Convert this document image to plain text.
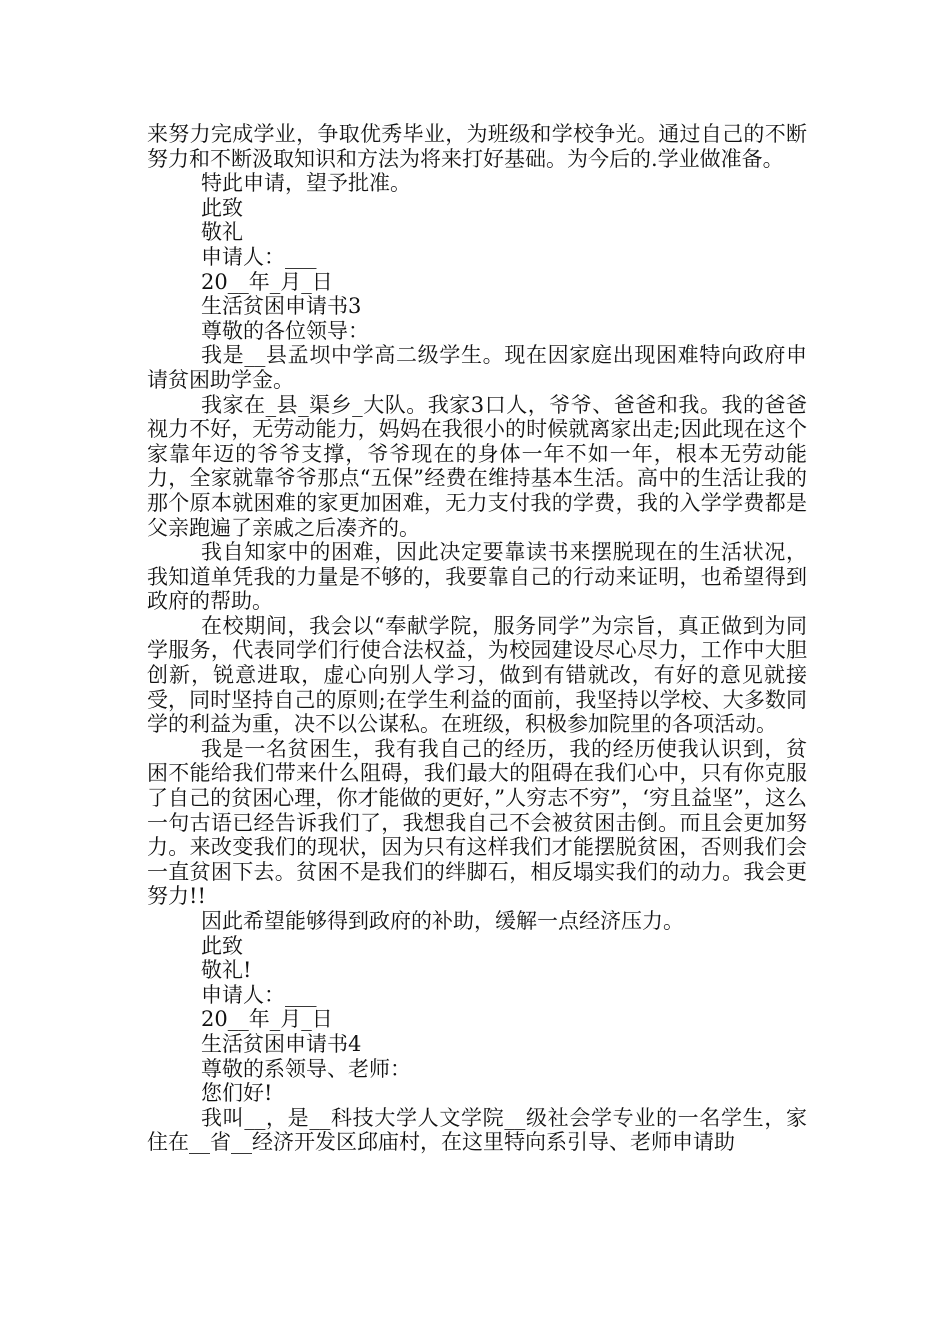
来努力完成学业，争取优秀毕业，为班级和学校争光。通过自己的不断努力和不断汲取知识和方法为将来打好基础。为今后的.学业做准备。

特此申请，望予批准。

此致

敬礼

申请人：___

20__年_月_日

生活贫困申请书3

尊敬的各位领导：

我是__县孟坝中学高二级学生。现在因家庭出现困难特向政府申请贫困助学金。

我家在_县_渠乡_大队。我家3口人，爷爷、爸爸和我。我的爸爸视力不好，无劳动能力，妈妈在我很小的时候就离家出走;因此现在这个家靠年迈的爷爷支撑，爷爷现在的身体一年不如一年，根本无劳动能力，全家就靠爷爷那点“五保”经费在维持基本生活。高中的生活让我的那个原本就困难的家更加困难，无力支付我的学费，我的入学学费都是父亲跑遍了亲戚之后凑齐的。

我自知家中的困难，因此决定要靠读书来摆脱现在的生活状况，我知道单凭我的力量是不够的，我要靠自己的行动来证明，也希望得到政府的帮助。

在校期间，我会以“奉献学院，服务同学”为宗旨，真正做到为同学服务，代表同学们行使合法权益，为校园建设尽心尽力，工作中大胆创新，锐意进取，虚心向别人学习，做到有错就改，有好的意见就接受，同时坚持自己的原则;在学生利益的面前，我坚持以学校、大多数同学的利益为重，决不以公谋私。在班级，积极参加院里的各项活动。

我是一名贫困生，我有我自己的经历，我的经历使我认识到，贫困不能给我们带来什么阻碍，我们最大的阻碍在我们心中，只有你克服了自己的贫困心理，你才能做的更好，”人穷志不穷”，‘穷且益坚”，这么一句古语已经告诉我们了，我想我自己不会被贫困击倒。而且会更加努力。来改变我们的现状，因为只有这样我们才能摆脱贫困，否则我们会一直贫困下去。贫困不是我们的绊脚石，相反塌实我们的动力。我会更努力!!

因此希望能够得到政府的补助，缓解一点经济压力。

此致

敬礼!

申请人：___

20__年_月_日

生活贫困申请书4

尊敬的系领导、老师：

您们好!

我叫__，是__科技大学人文学院__级社会学专业的一名学生，家住在__省__经济开发区邱庙村，在这里特向系引导、老师申请助
